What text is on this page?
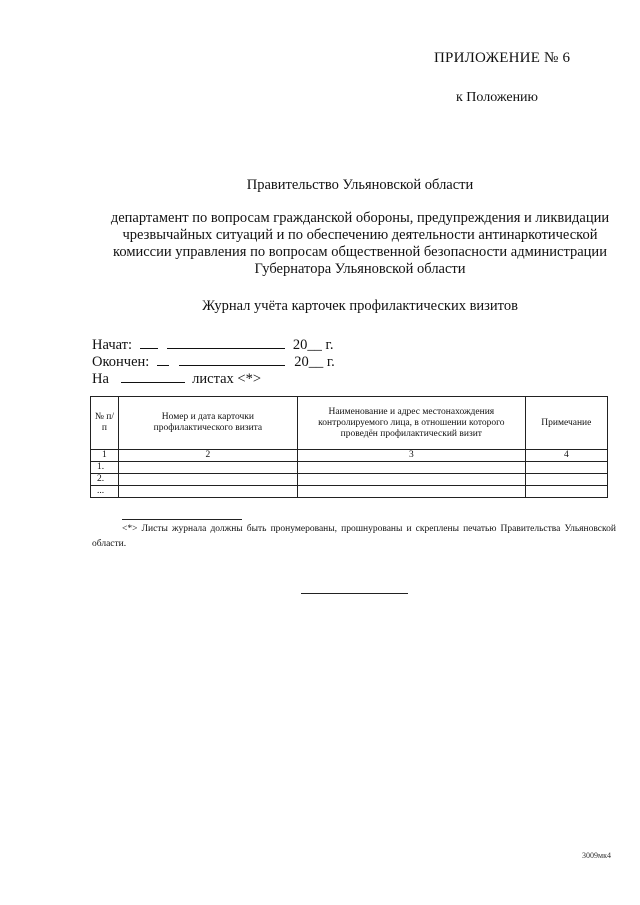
ПРИЛОЖЕНИЕ № 6
к Положению
Правительство Ульяновской области
департамент по вопросам гражданской обороны, предупреждения и ликвидации
чрезвычайных ситуаций и по обеспечению деятельности антинаркотической
комиссии управления по вопросам общественной безопасности администрации
Губернатора Ульяновской области
Журнал учёта карточек профилактических визитов
Начат:	20__ г.
Окончен:	20__ г.
На	листах <*>
№ п/п	Номер и дата карточки профилактического визита	Наименование и адрес местонахождения контролируемого лица, в отношении которого проведён профилактический визит	Примечание
1	2	3	4
1.			
2.			
...			
<*> Листы журнала должны быть пронумерованы, прошнурованы и скреплены печатью Правительства Ульяновской области.
3009мк4
